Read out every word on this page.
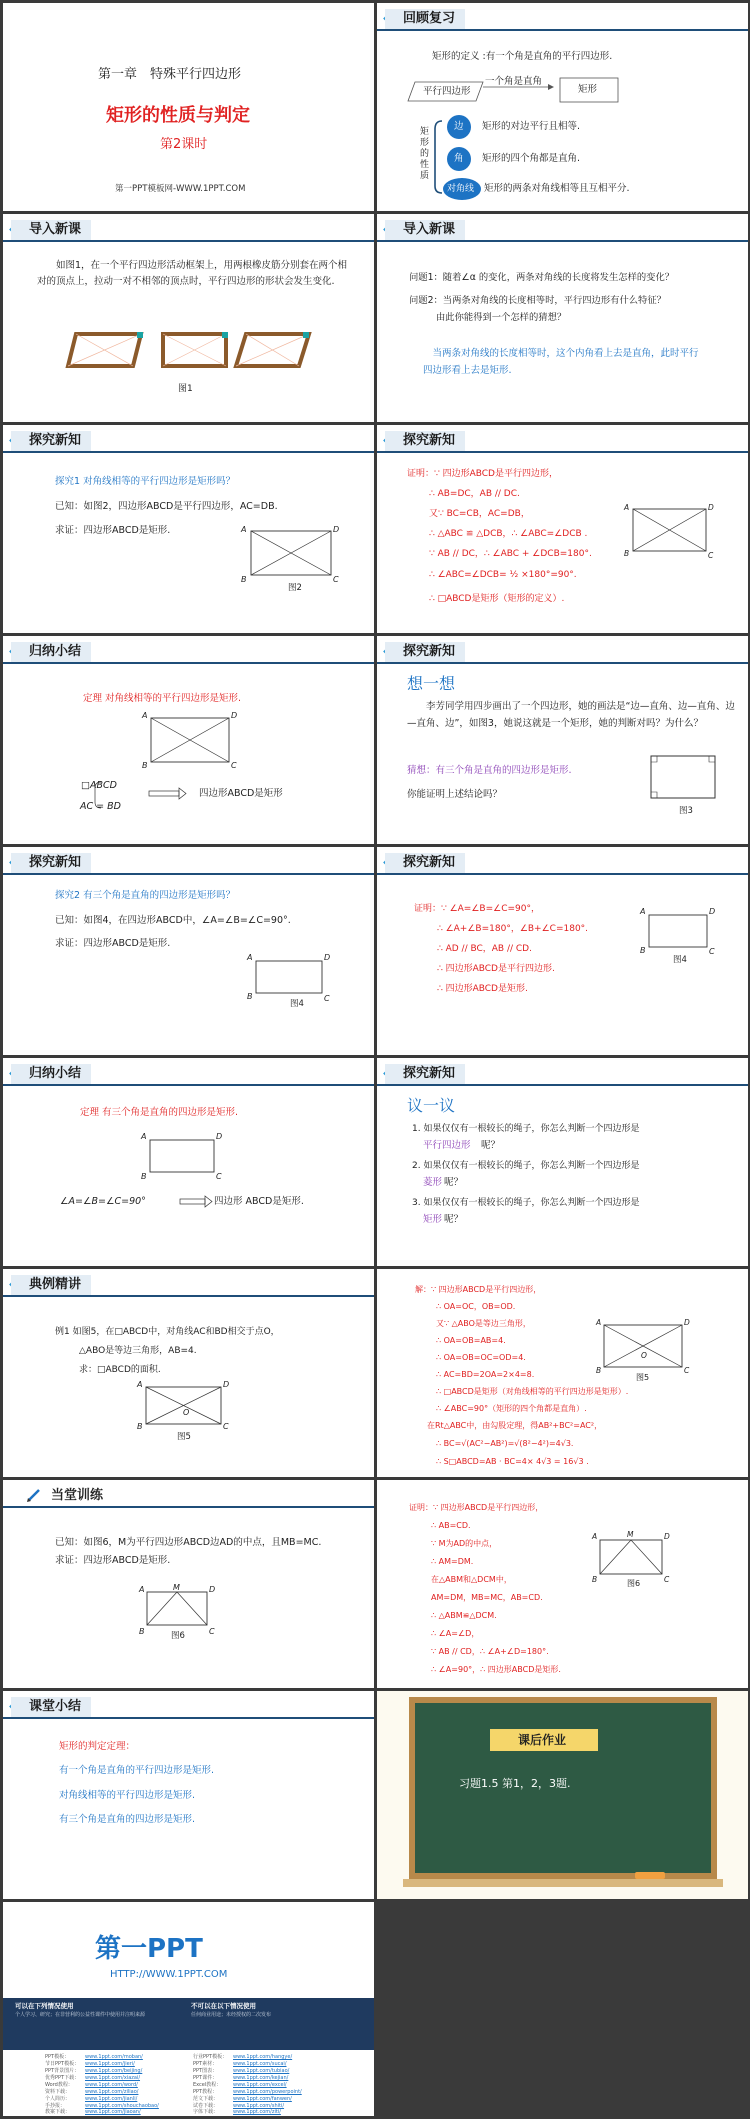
第一章　特殊平行四边形
矩形的性质与判定
第2课时
第一PPT模板网-WWW.1PPT.COM
回顾复习
矩形的定义 :有一个角是直角的平行四边形.
平行四边形
一个角是直角
矩形
矩形的性质
边 矩形的对边平行且相等.
角 矩形的四个角都是直角.
对角线 矩形的两条对角线相等且互相平分.
导入新课
如图1，在一个平行四边形活动框架上，用两根橡皮筋分别套在两个相对的顶点上，拉动一对不相邻的顶点时，平行四边形的形状会发生变化.
图1
导入新课
问题1：随着∠α 的变化，两条对角线的长度将发生怎样的变化？
问题2：当两条对角线的长度相等时，平行四边形有什么特征？
由此你能得到一个怎样的猜想？
当两条对角线的长度相等时，这个内角看上去是直角，此时平行四边形看上去是矩形.
探究新知
探究1 对角线相等的平行四边形是矩形吗？
已知：如图2，四边形ABCD是平行四边形，AC=DB.
求证：四边形ABCD是矩形.	A	D
B	C
图2
探究新知
证明：∵ 四边形ABCD是平行四边形，
∴ AB=DC，AB // DC.
又∵ BC=CB，AC=DB，
∴ △ABC ≌ △DCB，∴ ∠ABC=∠DCB .
∵ AB // DC，∴ ∠ABC + ∠DCB=180°.
∴ ∠ABC=∠DCB= ½ ×180°=90°.
∴ □ABCD是矩形（矩形的定义）.
A	D
B	C
归纳小结
定理 对角线相等的平行四边形是矩形.
A	D
B	C
□ABCD
AC = BD
四边形ABCD是矩形
探究新知
想一想
李芳同学用四步画出了一个四边形，她的画法是“边—直角、边—直角、边—直角、边”，如图3，她说这就是一个矩形，她的判断对吗？为什么？
猜想：有三个角是直角的四边形是矩形.
你能证明上述结论吗？
图3
探究新知
探究2 有三个角是直角的四边形是矩形吗？
已知：如图4，在四边形ABCD中，∠A=∠B=∠C=90°.
求证：四边形ABCD是矩形.
A	D
B	C
图4
探究新知
证明：∵ ∠A=∠B=∠C=90°，
∴ ∠A+∠B=180°，∠B+∠C=180°.
∴ AD // BC，AB // CD.
∴ 四边形ABCD是平行四边形.
∴ 四边形ABCD是矩形.
A	D
B	C
图4
归纳小结
定理 有三个角是直角的四边形是矩形.
A	D
B	C
∠A=∠B=∠C=90°	四边形 ABCD是矩形.
探究新知
议一议
1. 如果仅仅有一根较长的绳子，你怎么判断一个四边形是
平行四边形 呢？
2. 如果仅仅有一根较长的绳子，你怎么判断一个四边形是
菱形 呢？
3. 如果仅仅有一根较长的绳子，你怎么判断一个四边形是
矩形 呢？
典例精讲
例1 如图5，在□ABCD中，对角线AC和BD相交于点O，
△ABO是等边三角形，AB=4.
求：□ABCD的面积.
A	D
B	C
O
图5
解：∵ 四边形ABCD是平行四边形，
∴ OA=OC，OB=OD.
又∵ △ABO是等边三角形，
∴ OA=OB=AB=4.
∴ OA=OB=OC=OD=4.
∴ AC=BD=2OA=2×4=8.
∴ □ABCD是矩形（对角线相等的平行四边形是矩形）.
∴ ∠ABC=90°（矩形的四个角都是直角）.
在Rt△ABC中，由勾股定理，得AB²+BC²=AC²，
∴ BC=√(AC²−AB²)=√(8²−4²)=4√3.
∴ S□ABCD=AB · BC=4× 4√3 = 16√3 .
A	D
B	C
O
图5
当堂训练
已知：如图6，M为平行四边形ABCD边AD的中点，且MB=MC.
求证：四边形ABCD是矩形.
A	M	D
B	C
图6
证明：∵ 四边形ABCD是平行四边形，
∴ AB=CD.
∵ M为AD的中点，
∴ AM=DM.
在△ABM和△DCM中，
AM=DM，MB=MC，AB=CD.
∴ △ABM≌△DCM.
∴ ∠A=∠D，
∵ AB // CD，∴ ∠A+∠D=180°.
∴ ∠A=90°，∴ 四边形ABCD是矩形.
A	M	D
B	C
图6
课堂小结
矩形的判定定理：
有一个角是直角的平行四边形是矩形.
对角线相等的平行四边形是矩形.
有三个角是直角的四边形是矩形.
课后作业
习题1.5 第1，2，3题.
第一PPT
HTTP://WWW.1PPT.COM
可以在下列情况使用
个人学习、研究；在非营利的公益性课件中使用并注明来源
不可以在以下情况使用
任何商业用途；未经授权的二次发布
PPT模板：	www.1ppt.com/moban/
节日PPT模板： www.1ppt.com/jieri/
PPT背景图片： www.1ppt.com/beijing/
优秀PPT下载： www.1ppt.com/xiazai/
Word教程： www.1ppt.com/word/
资料下载：	www.1ppt.com/ziliao/
个人简历：	www.1ppt.com/jianli/
手抄报：	www.1ppt.com/shouchaobao/
教案下载：	www.1ppt.com/jiaoan/
行业PPT模板： www.1ppt.com/hangye/
PPT素材：	www.1ppt.com/sucai/
PPT图表：	www.1ppt.com/tubiao/
PPT课件：	www.1ppt.com/kejian/
Excel教程： www.1ppt.com/excel/
PPT教程：	www.1ppt.com/powerpoint/
范文下载：	www.1ppt.com/fanwen/
试卷下载：	www.1ppt.com/shiti/
字体下载：	www.1ppt.com/ziti/
